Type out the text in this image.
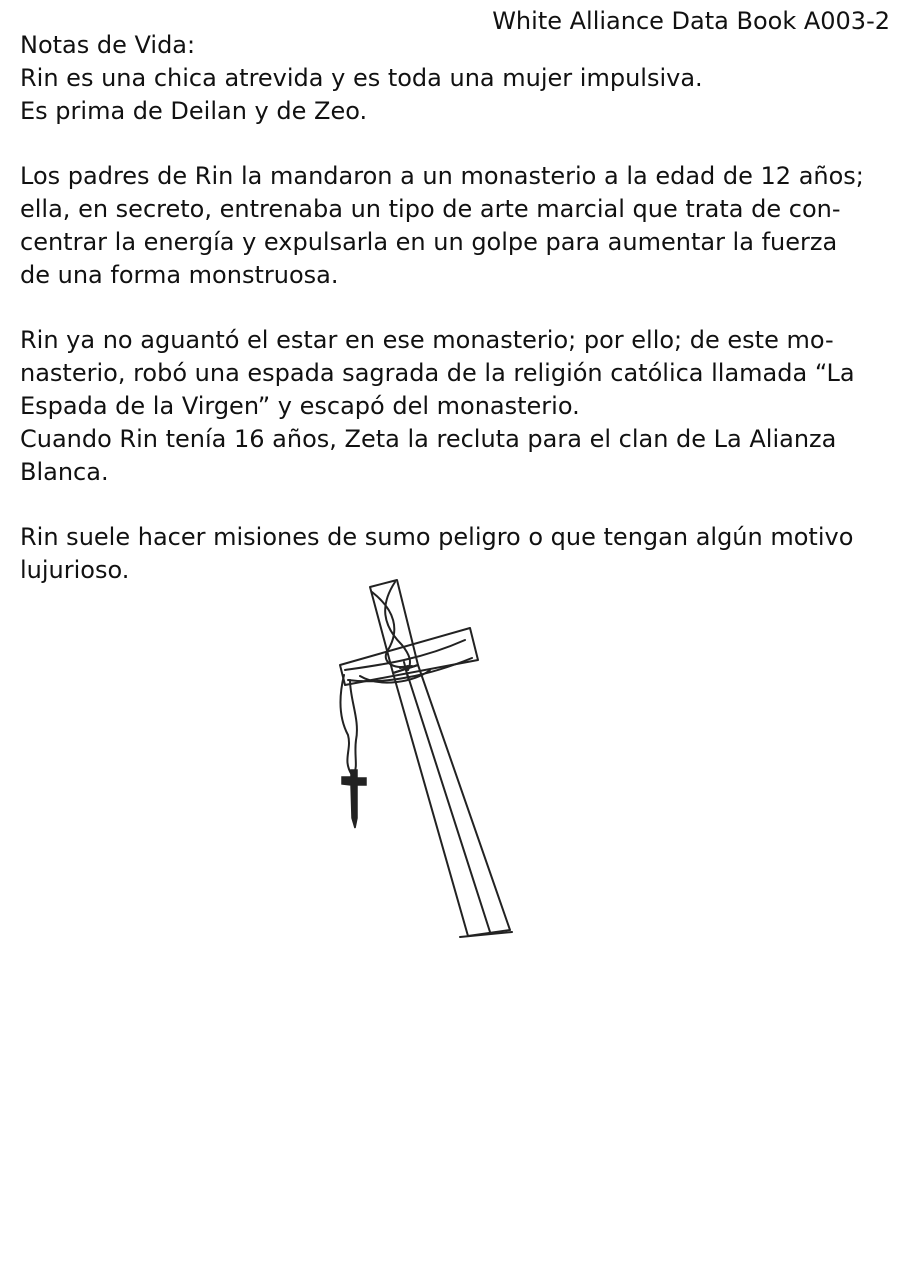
White Alliance Data Book A003-2
Notas de Vida:
Rin es una chica atrevida y es toda una mujer impulsiva.
Es prima de Deilan y de Zeo.
Los padres de Rin la mandaron a un monasterio a la edad de 12 años;
ella, en secreto, entrenaba un tipo de arte marcial que trata de con-
centrar la energía y expulsarla en un golpe para aumentar la fuerza
de una forma monstruosa.
Rin ya no aguantó el estar en ese monasterio; por ello; de este mo-
nasterio, robó una espada sagrada de la religión católica llamada “La
Espada de la Virgen” y escapó del monasterio.
Cuando Rin tenía 16 años, Zeta la recluta para el clan de La Alianza
Blanca.
Rin suele hacer misiones de sumo peligro o que tengan algún motivo
lujurioso.
